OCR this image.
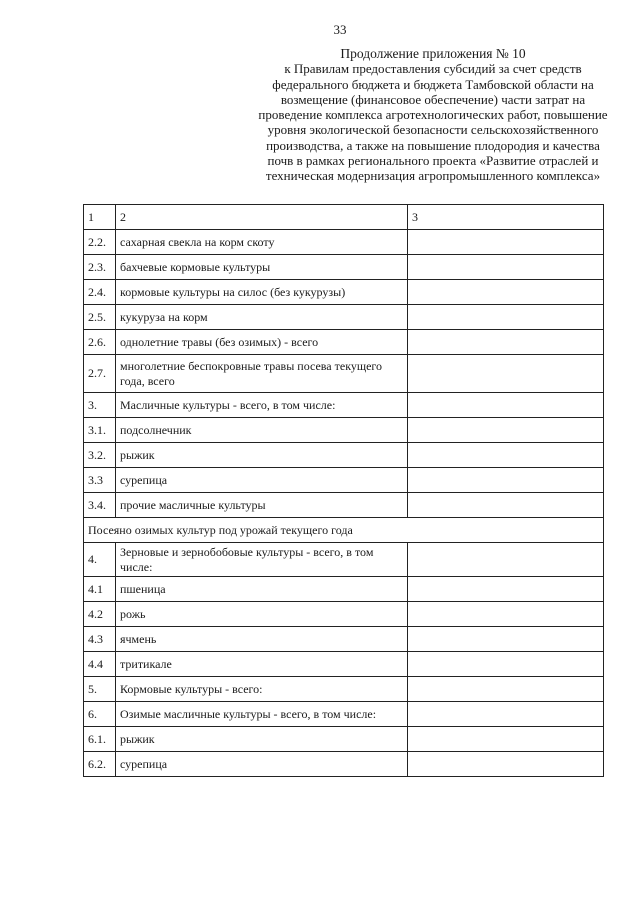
33
Продолжение приложения № 10
к Правилам предоставления субсидий за счет средств
федерального бюджета и бюджета Тамбовской области на
возмещение (финансовое обеспечение) части затрат на
проведение комплекса агротехнологических работ, повышение
уровня экологической безопасности сельскохозяйственного
производства, а также на повышение плодородия и качества
почв в рамках регионального проекта «Развитие отраслей и
техническая модернизация агропромышленного комплекса»
1	2	3
2.2.	сахарная свекла на корм скоту	
2.3.	бахчевые кормовые культуры	
2.4.	кормовые культуры на силос (без кукурузы)	
2.5.	кукуруза на корм	
2.6.	однолетние травы (без озимых) - всего	
2.7.	многолетние беспокровные травы посева текущего года, всего	
3.	Масличные культуры - всего, в том числе:	
3.1.	подсолнечник	
3.2.	рыжик	
3.3	сурепица	
3.4.	прочие масличные культуры	
Посеяно озимых культур под урожай текущего года		
4.	Зерновые и зернобобовые культуры - всего, в том числе:	
4.1	пшеница	
4.2	рожь	
4.3	ячмень	
4.4	тритикале	
5.	Кормовые культуры - всего:	
6.	Озимые масличные культуры - всего, в том числе:	
6.1.	рыжик	
6.2.	сурепица	
